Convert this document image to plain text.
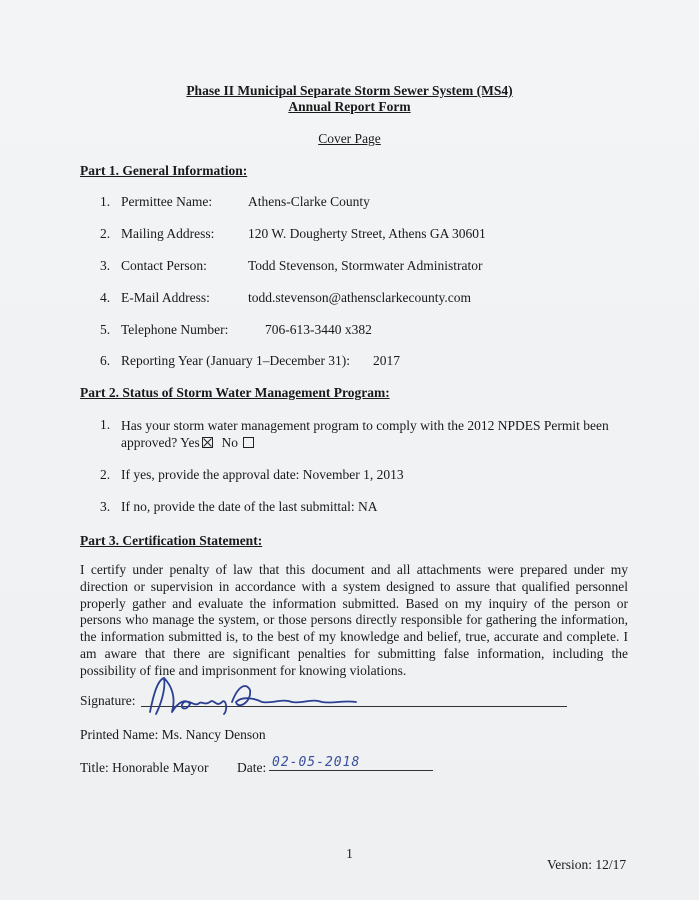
Phase II Municipal Separate Storm Sewer System (MS4)
Annual Report Form
Cover Page
Part 1. General Information:
1. Permittee Name:	Athens-Clarke County
2. Mailing Address: 120 W. Dougherty Street, Athens GA 30601
3. Contact Person:	Todd Stevenson, Stormwater Administrator
4. E-Mail Address:	todd.stevenson@athensclarkecounty.com
5. Telephone Number:	706-613-3440 x382
6. Reporting Year (January 1–December 31): 2017
Part 2. Status of Storm Water Management Program:
1. Has your storm water management program to comply with the 2012 NPDES Permit been
approved? Yes No
2. If yes, provide the approval date: November 1, 2013
3. If no, provide the date of the last submittal: NA
Part 3. Certification Statement:
I certify under penalty of law that this document and all attachments were prepared under my direction or supervision in accordance with a system designed to assure that qualified personnel properly gather and evaluate the information submitted. Based on my inquiry of the person or persons who manage the system, or those persons directly responsible for gathering the information, the information submitted is, to the best of my knowledge and belief, true, accurate and complete. I am aware that there are significant penalties for submitting false information, including the possibility of fine and imprisonment for knowing violations.
Signature:
Printed Name: Ms. Nancy Denson
Title: Honorable Mayor Date: 02-05-2018
1
Version: 12/17
